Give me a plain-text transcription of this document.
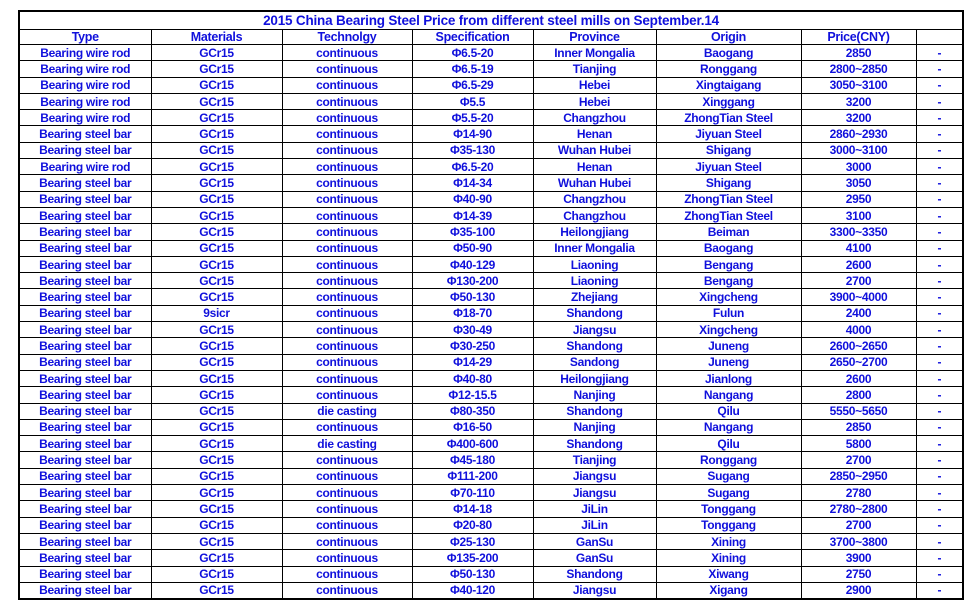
2015 China Bearing Steel Price from different steel mills on September.14							
Type	Materials	Technolgy	Specification	Province	Origin	Price(CNY)	
Bearing wire rod	GCr15	continuous	Φ6.5-20	Inner Mongalia	Baogang	2850	-
Bearing wire rod	GCr15	continuous	Φ6.5-19	Tianjing	Ronggang	2800~2850	-
Bearing wire rod	GCr15	continuous	Φ6.5-29	Hebei	Xingtaigang	3050~3100	-
Bearing wire rod	GCr15	continuous	Φ5.5	Hebei	Xinggang	3200	-
Bearing wire rod	GCr15	continuous	Φ5.5-20	Changzhou	ZhongTian Steel	3200	-
Bearing steel bar	GCr15	continuous	Φ14-90	Henan	Jiyuan Steel	2860~2930	-
Bearing steel bar	GCr15	continuous	Φ35-130	Wuhan Hubei	Shigang	3000~3100	-
Bearing wire rod	GCr15	continuous	Φ6.5-20	Henan	Jiyuan Steel	3000	-
Bearing steel bar	GCr15	continuous	Φ14-34	Wuhan Hubei	Shigang	3050	-
Bearing steel bar	GCr15	continuous	Φ40-90	Changzhou	ZhongTian Steel	2950	-
Bearing steel bar	GCr15	continuous	Φ14-39	Changzhou	ZhongTian Steel	3100	-
Bearing steel bar	GCr15	continuous	Φ35-100	Heilongjiang	Beiman	3300~3350	-
Bearing steel bar	GCr15	continuous	Φ50-90	Inner Mongalia	Baogang	4100	-
Bearing steel bar	GCr15	continuous	Φ40-129	Liaoning	Bengang	2600	-
Bearing steel bar	GCr15	continuous	Φ130-200	Liaoning	Bengang	2700	-
Bearing steel bar	GCr15	continuous	Φ50-130	Zhejiang	Xingcheng	3900~4000	-
Bearing steel bar	9sicr	continuous	Φ18-70	Shandong	Fulun	2400	-
Bearing steel bar	GCr15	continuous	Φ30-49	Jiangsu	Xingcheng	4000	-
Bearing steel bar	GCr15	continuous	Φ30-250	Shandong	Juneng	2600~2650	-
Bearing steel bar	GCr15	continuous	Φ14-29	Sandong	Juneng	2650~2700	-
Bearing steel bar	GCr15	continuous	Φ40-80	Heilongjiang	Jianlong	2600	-
Bearing steel bar	GCr15	continuous	Φ12-15.5	Nanjing	Nangang	2800	-
Bearing steel bar	GCr15	die casting	Φ80-350	Shandong	Qilu	5550~5650	-
Bearing steel bar	GCr15	continuous	Φ16-50	Nanjing	Nangang	2850	-
Bearing steel bar	GCr15	die casting	Φ400-600	Shandong	Qilu	5800	-
Bearing steel bar	GCr15	continuous	Φ45-180	Tianjing	Ronggang	2700	-
Bearing steel bar	GCr15	continuous	Φ111-200	Jiangsu	Sugang	2850~2950	-
Bearing steel bar	GCr15	continuous	Φ70-110	Jiangsu	Sugang	2780	-
Bearing steel bar	GCr15	continuous	Φ14-18	JiLin	Tonggang	2780~2800	-
Bearing steel bar	GCr15	continuous	Φ20-80	JiLin	Tonggang	2700	-
Bearing steel bar	GCr15	continuous	Φ25-130	GanSu	Xining	3700~3800	-
Bearing steel bar	GCr15	continuous	Φ135-200	GanSu	Xining	3900	-
Bearing steel bar	GCr15	continuous	Φ50-130	Shandong	Xiwang	2750	-
Bearing steel bar	GCr15	continuous	Φ40-120	Jiangsu	Xigang	2900	-
